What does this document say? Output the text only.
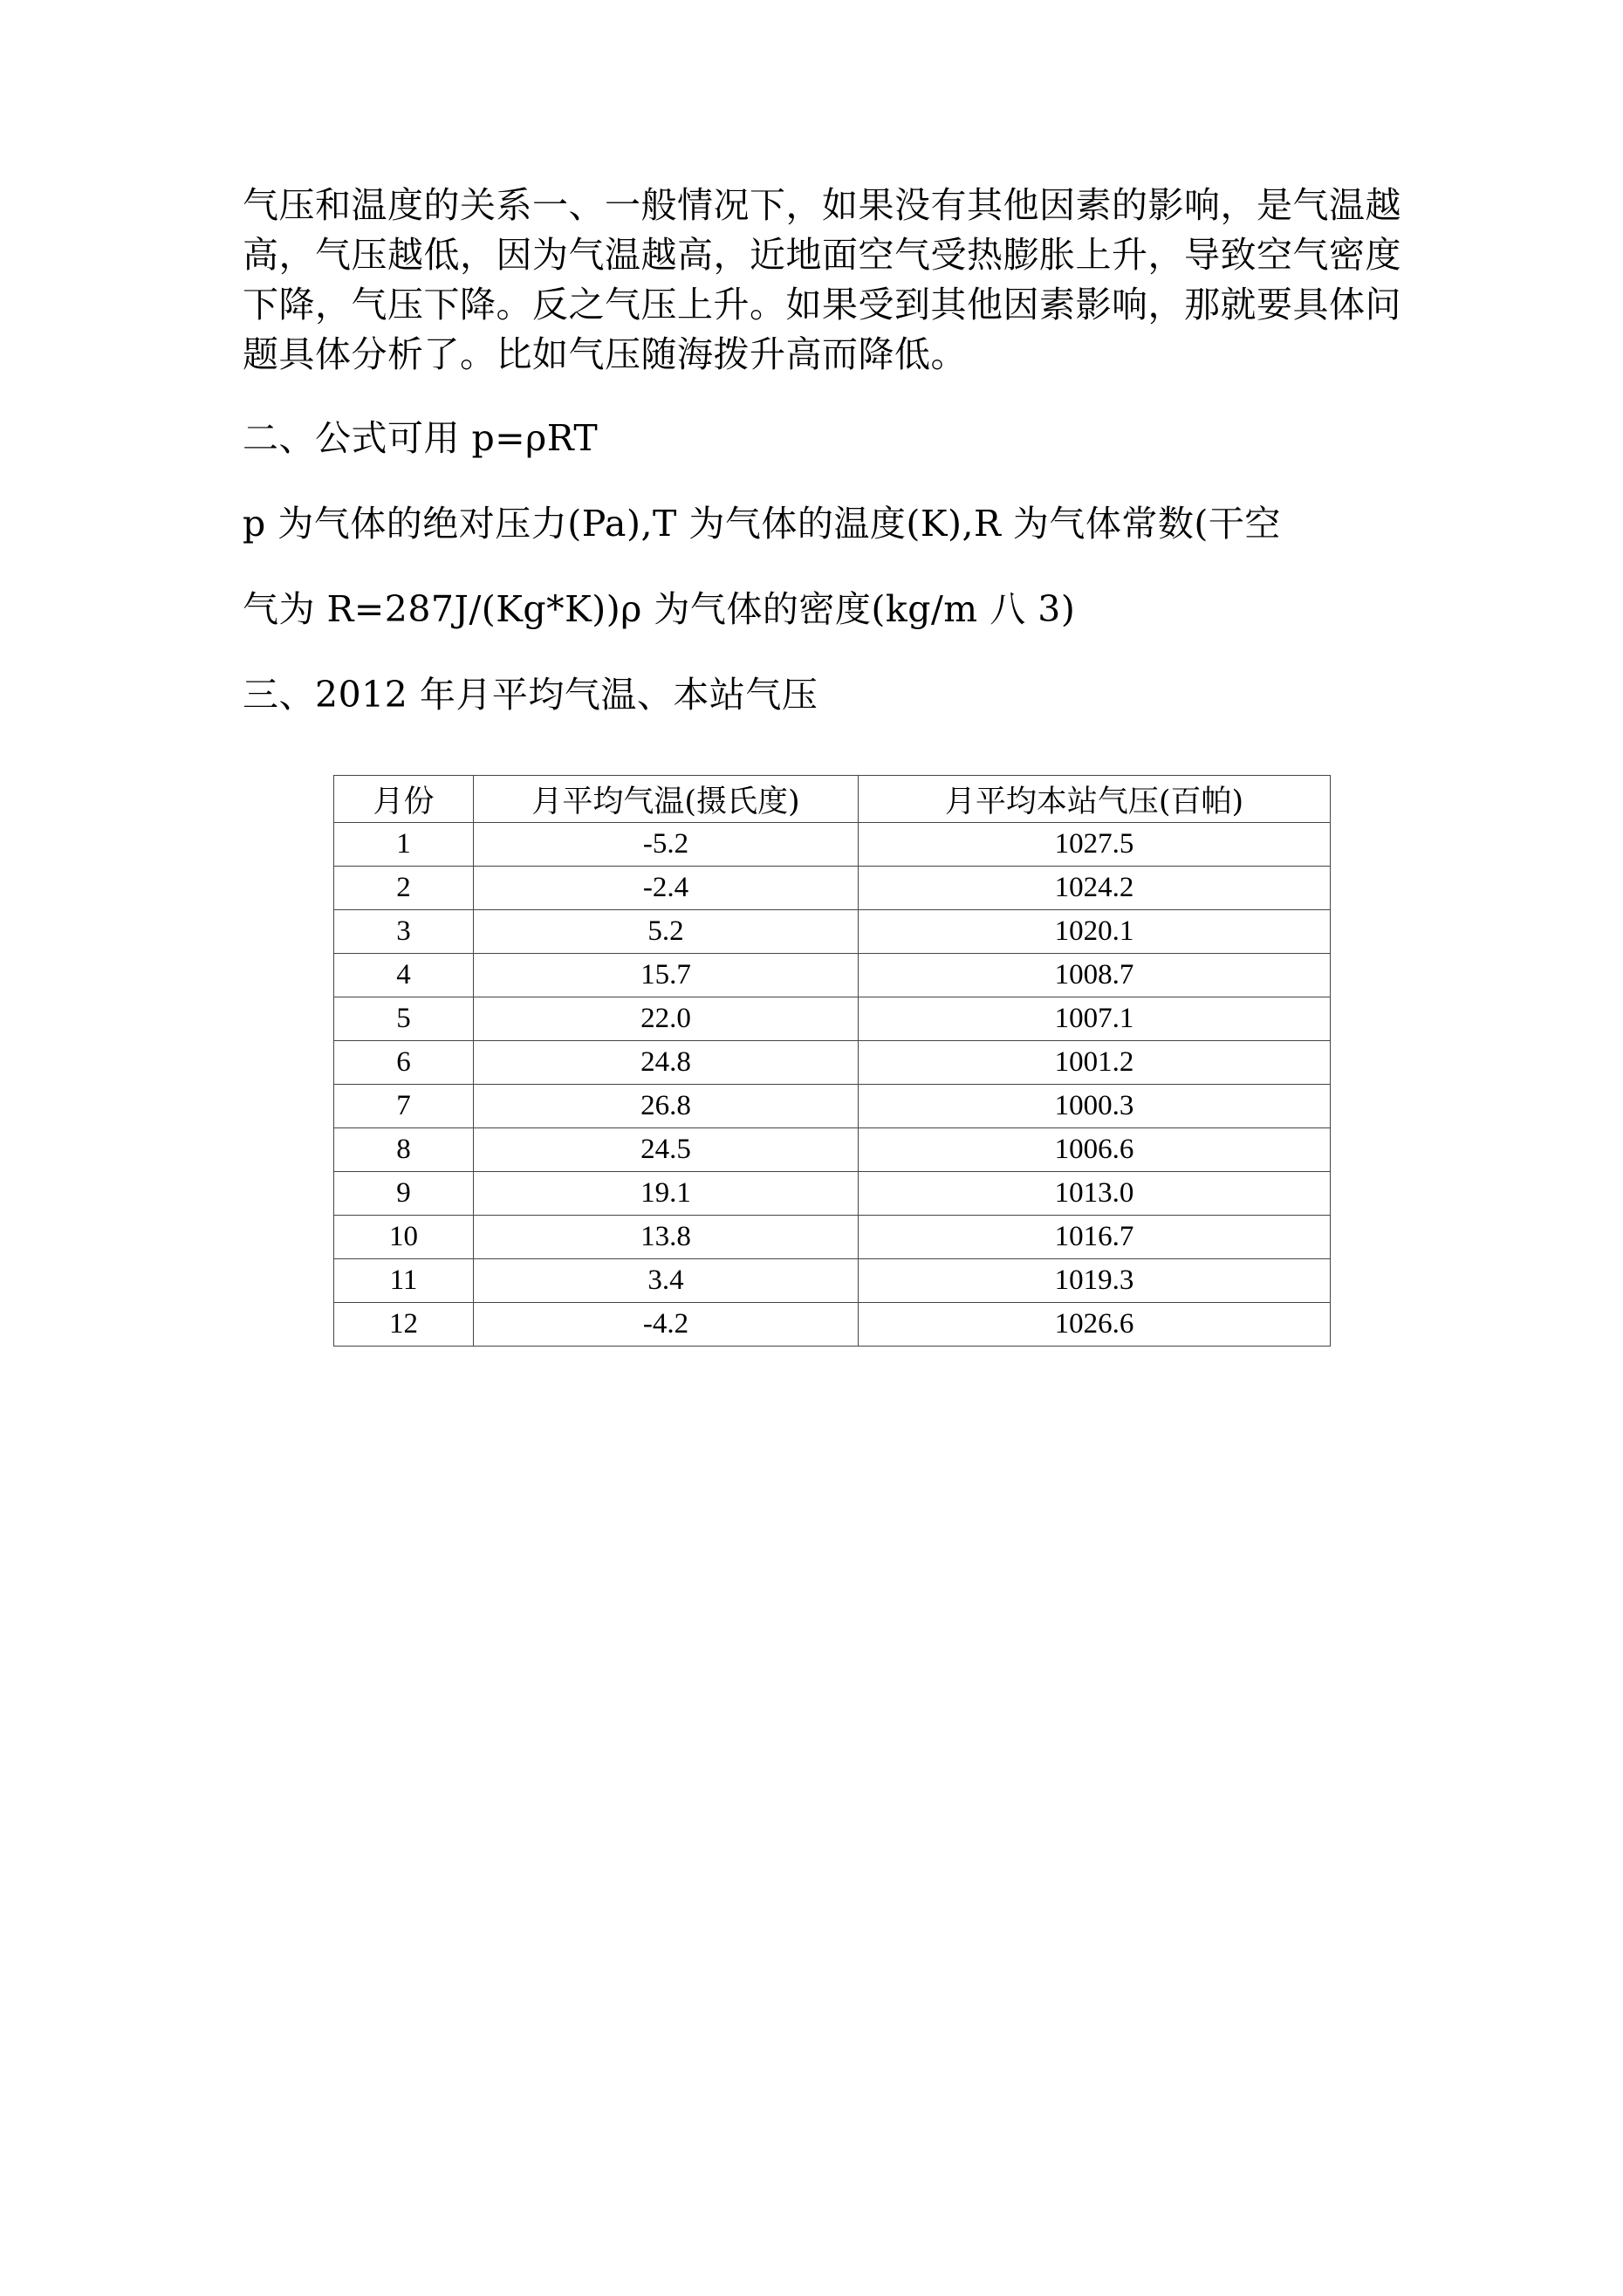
气压和温度的关系一、一般情况下，如果没有其他因素的影响，是气温越高，气压越低，因为气温越高，近地面空气受热膨胀上升，导致空气密度下降，气压下降。反之气压上升。如果受到其他因素影响，那就要具体问题具体分析了。比如气压随海拨升高而降低。

二、公式可用 p=ρRT

p 为气体的绝对压力(Pa),T 为气体的温度(K),R 为气体常数(干空

气为 R=287J/(Kg*K))ρ 为气体的密度(kg/m 八 3)

三、2012 年月平均气温、本站气压

月份	月平均气温(摄氏度)	月平均本站气压(百帕)
1	-5.2	1027.5
2	-2.4	1024.2
3	5.2	1020.1
4	15.7	1008.7
5	22.0	1007.1
6	24.8	1001.2
7	26.8	1000.3
8	24.5	1006.6
9	19.1	1013.0
10	13.8	1016.7
11	3.4	1019.3
12	-4.2	1026.6
